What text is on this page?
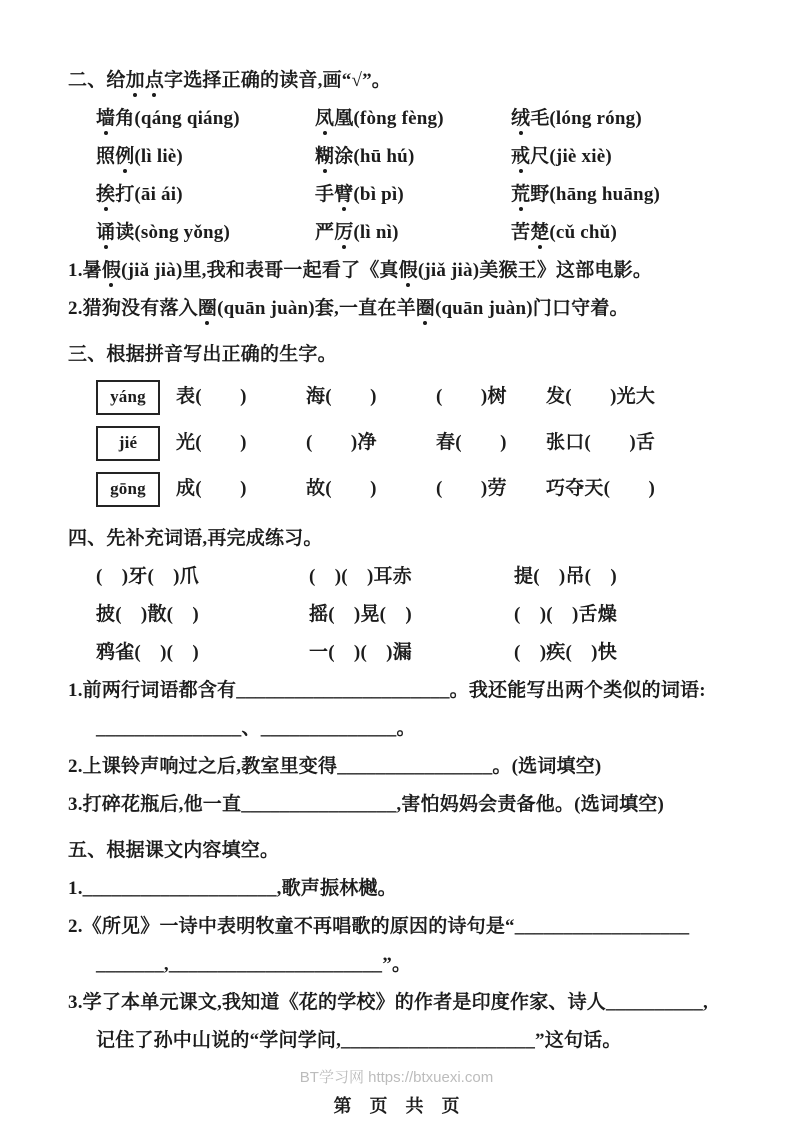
二、给加点字选择正确的读音,画“√”。
墙角(qáng qiáng)	凤凰(fòng fèng)	绒毛(lóng róng)
照例(lì liè)	糊涂(hū hú)	戒尺(jiè xiè)
挨打(āi ái)	手臂(bì pì)	荒野(hāng huāng)
诵读(sòng yǒng)	严厉(lì nì)	苦楚(cǔ chǔ)
1.暑假(jiǎ jià)里,我和表哥一起看了《真假(jiǎ jià)美猴王》这部电影。
2.猎狗没有落入圈(quān juàn)套,一直在羊圈(quān juàn)门口守着。
三、根据拼音写出正确的生字。
yáng	表(　　)	海(　　)	(　　)树	发(　　)光大
jié	光(　　)	(　　)净	春(　　)	张口(　　)舌
gōng	成(　　)	故(　　)	(　　)劳	巧夺天(　　)
四、先补充词语,再完成练习。
(　)牙(　)爪	(　)(　)耳赤	提(　)吊(　)
披(　)散(　)	摇(　)晃(　)	(　)(　)舌燥
鸦雀(　)(　)	一(　)(　)漏	(　)疾(　)快
1.前两行词语都含有______________________。我还能写出两个类似的词语:
_______________、______________。
2.上课铃声响过之后,教室里变得________________。(选词填空)
3.打碎花瓶后,他一直________________,害怕妈妈会责备他。(选词填空)
五、根据课文内容填空。
1.____________________,歌声振林樾。
2.《所见》一诗中表明牧童不再唱歌的原因的诗句是“__________________
_______,______________________”。
3.学了本单元课文,我知道《花的学校》的作者是印度作家、诗人__________,
记住了孙中山说的“学问学问,____________________”这句话。
BT学习网 https://btxuexi.com
第　页　共　页
